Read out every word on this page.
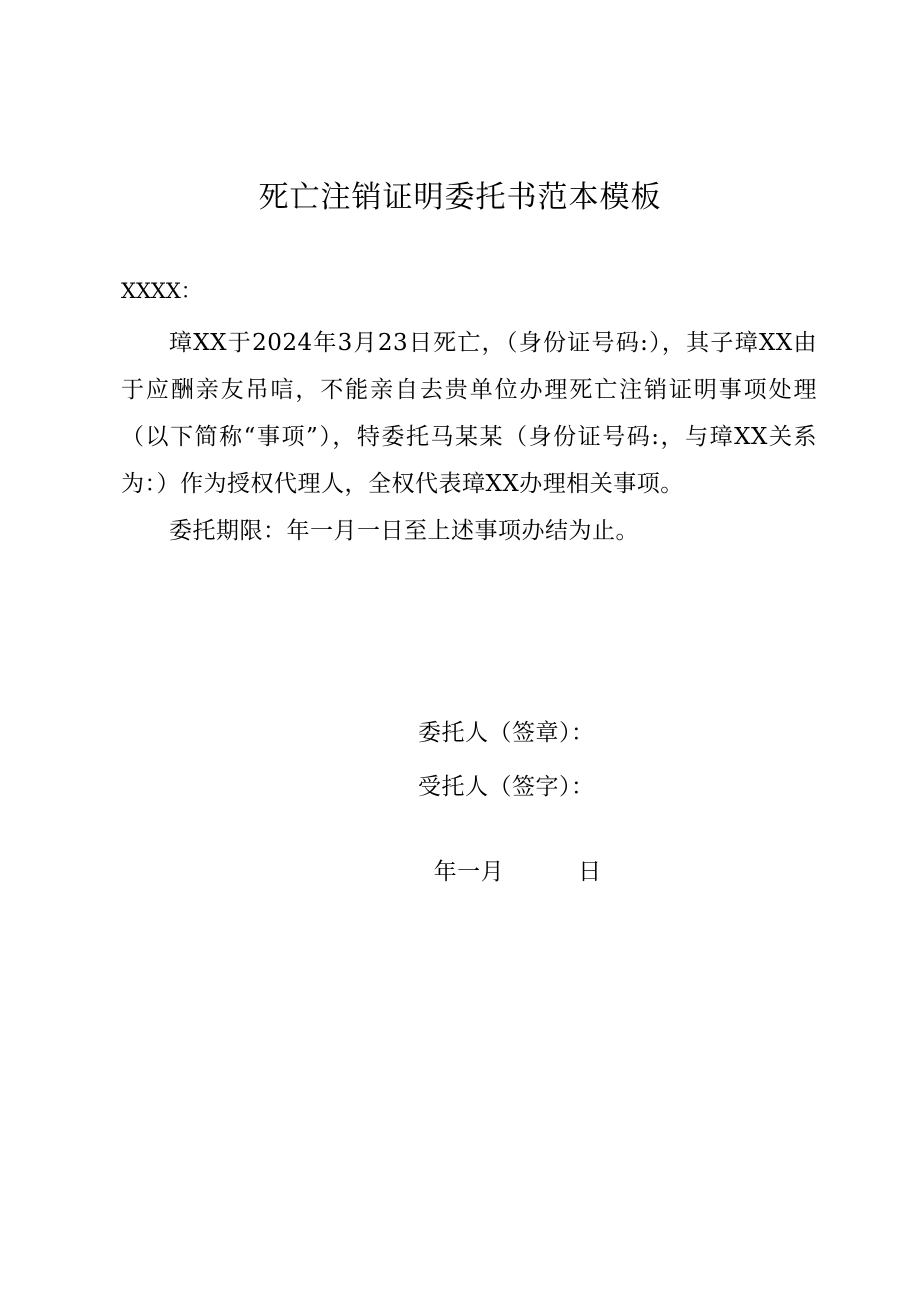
死亡注销证明委托书范本模板
XXXX：

璋XX于2024年3月23日死亡，（身份证号码:），其子璋XX由于应酬亲友吊唁，不能亲自去贵单位办理死亡注销证明事项处理（以下简称“事项”），特委托马某某（身份证号码:，与璋XX关系为：）作为授权代理人，全权代表璋XX办理相关事项。

委托期限：年一月一日至上述事项办结为止。

委托人（签章）：
受托人（签字）：

年一月	日
